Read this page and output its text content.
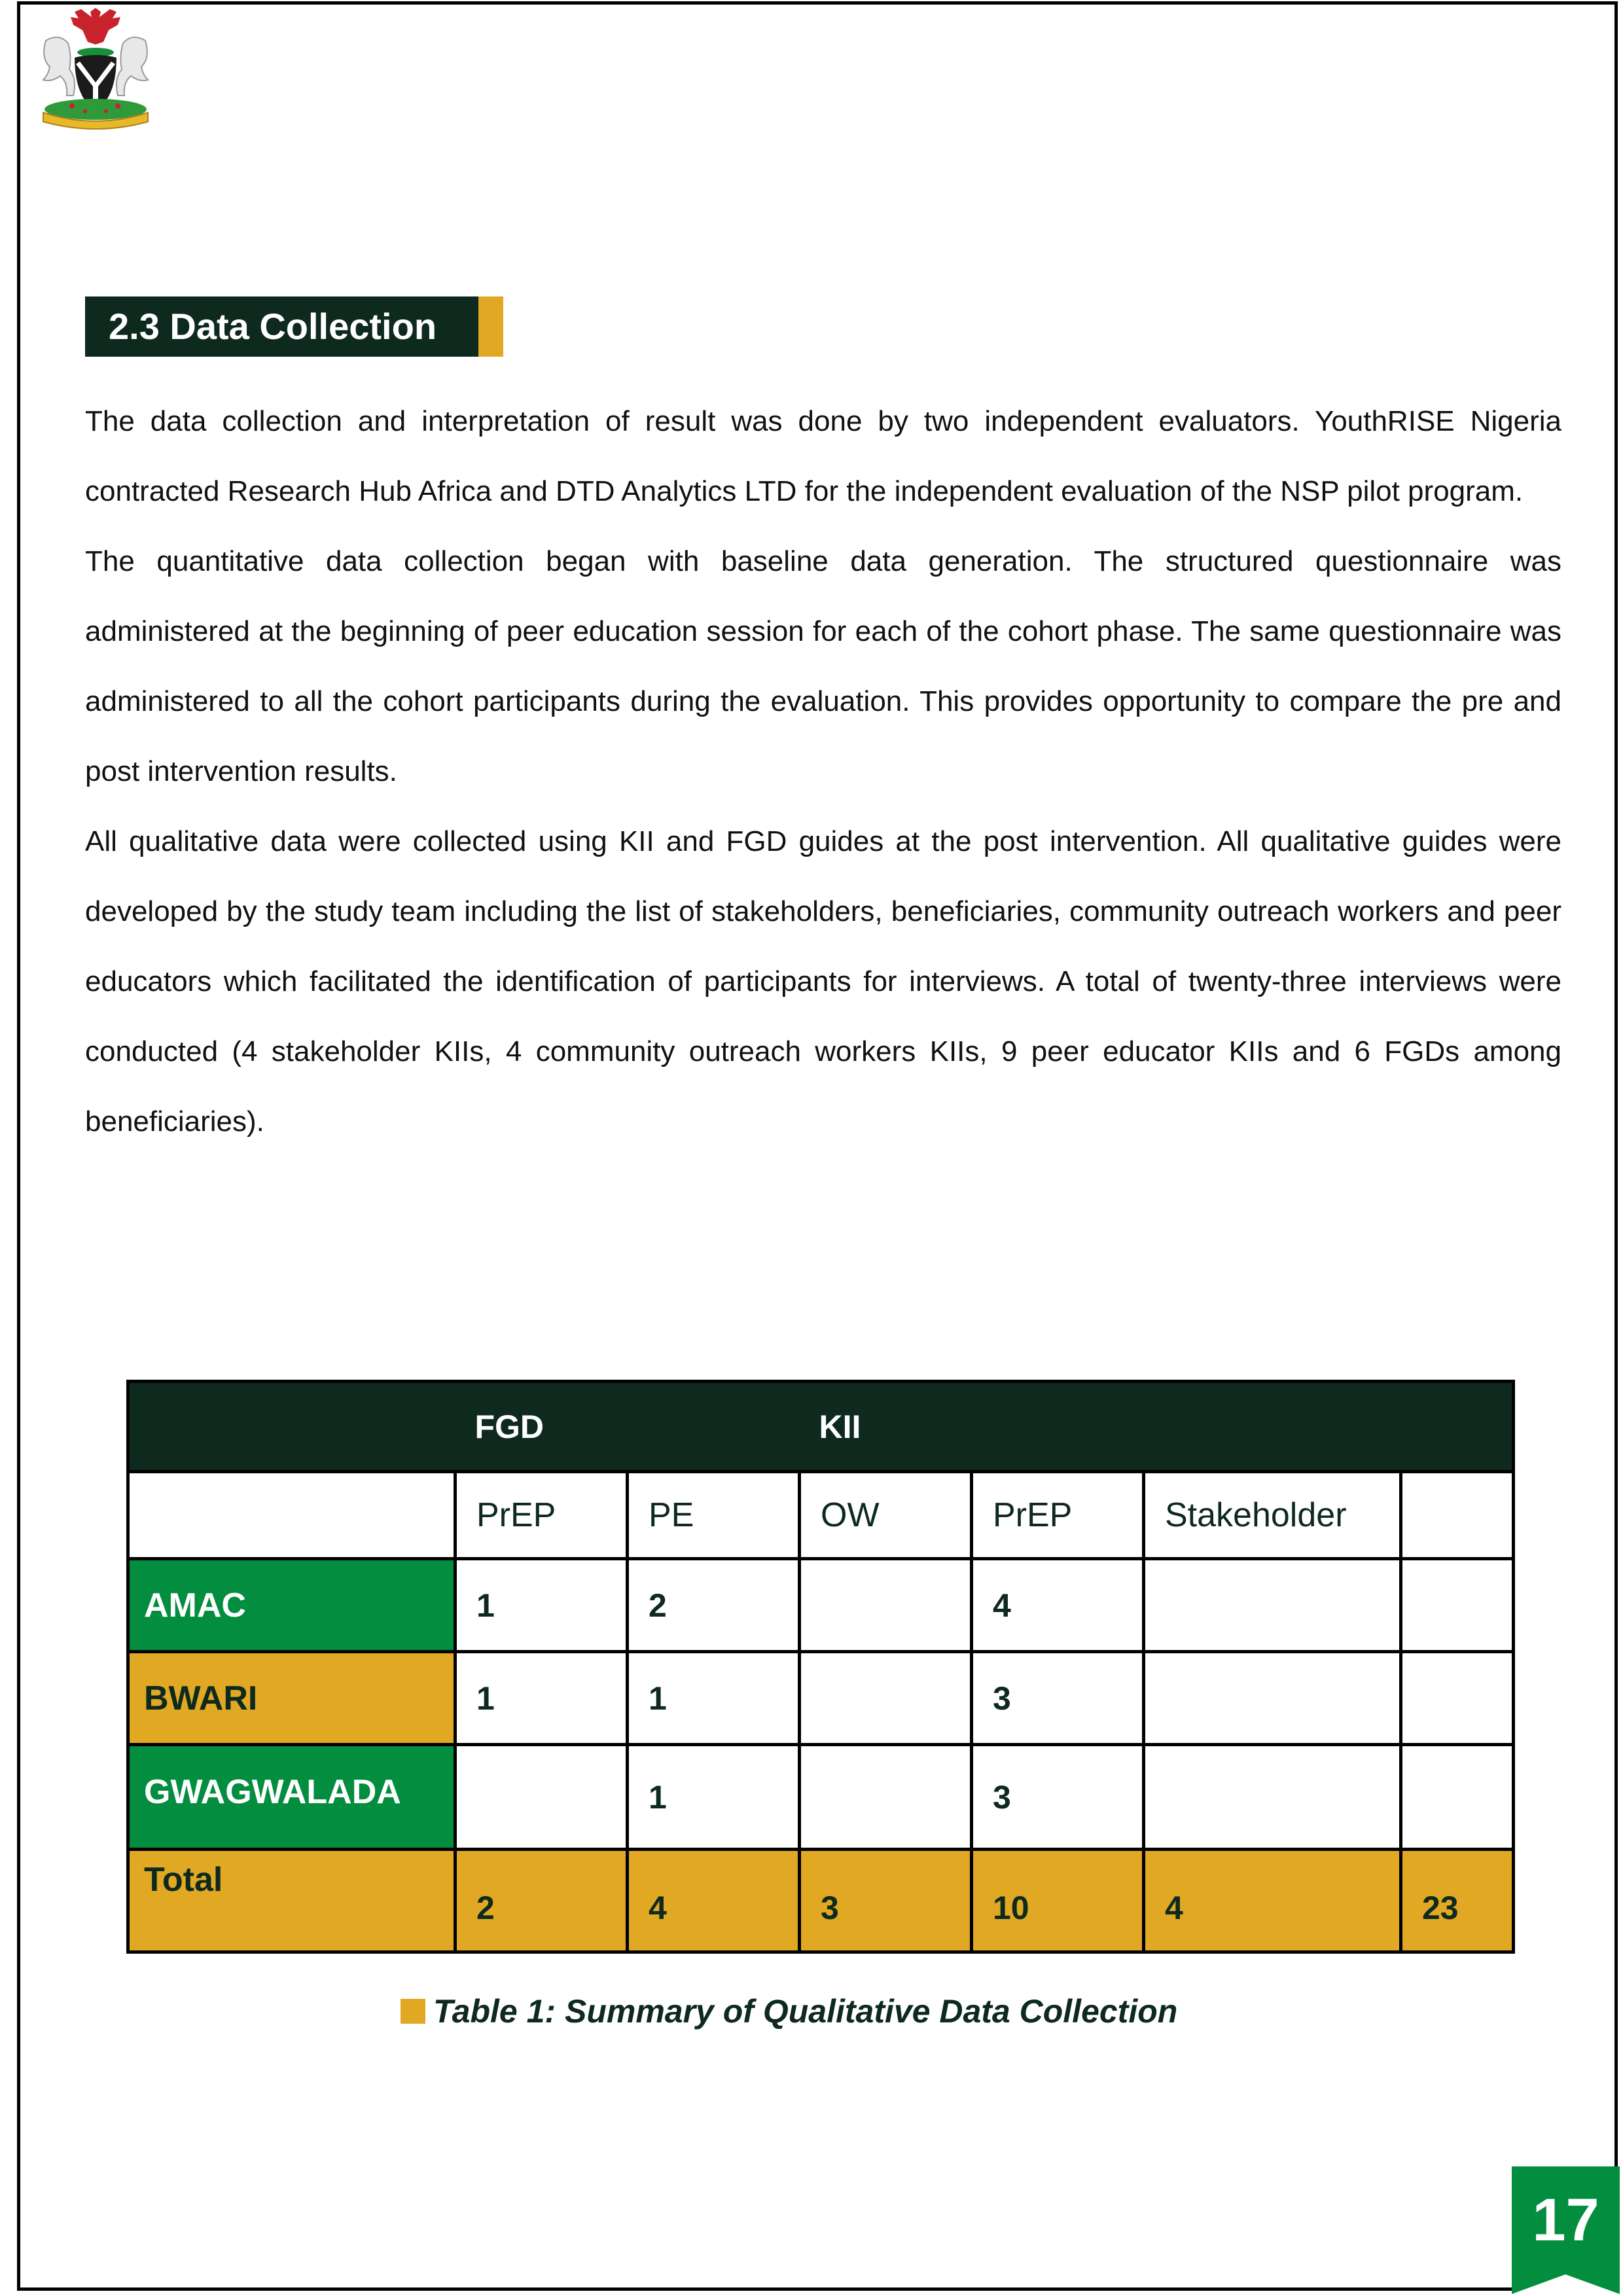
2.3 Data Collection

The data collection and interpretation of result was done by two independent evaluators. YouthRISE Nigeria contracted Research Hub Africa and DTD Analytics LTD for the independent evaluation of the NSP pilot program.

The quantitative data collection began with baseline data generation. The structured questionnaire was administered at the beginning of peer education session for each of the cohort phase. The same questionnaire was administered to all the cohort participants during the evaluation. This provides opportunity to compare the pre and post intervention results.

All qualitative data were collected using KII and FGD guides at the post intervention. All qualitative guides were developed by the study team including the list of stakeholders, beneficiaries, community outreach workers and peer educators which facilitated the identification of participants for interviews. A total of twenty-three interviews were conducted (4 stakeholder KIIs, 4 community outreach workers KIIs, 9 peer educator KIIs and 6 FGDs among beneficiaries).

	FGD		KII			
	PrEP	PE	OW	PrEP	Stakeholder	
AMAC	1	2		4		
BWARI	1	1		3		
GWAGWALADA		1		3		
Total	2	4	3	10	4	23
Table 1: Summary of Qualitative Data Collection
17
